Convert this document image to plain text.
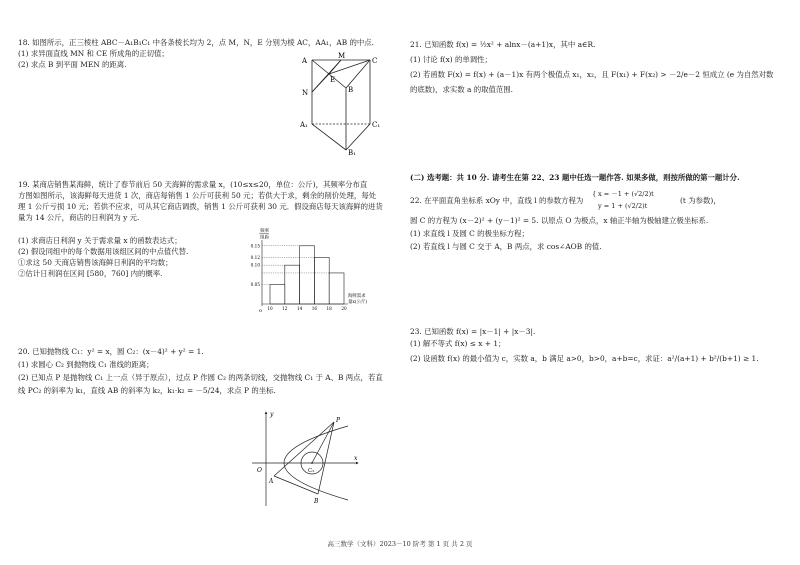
18. 如图所示，正三棱柱 ABC－A₁B₁C₁ 中各条棱长均为 2，点 M，N，E 分别为棱 AC，AA₁，AB 的中点.
(1) 求异面直线 MN 和 CE 所成角的正切值；
(2) 求点 B 到平面 MEN 的距离.	A
M
C
E
N	B
A₁	C₁
B₁
19. 某商店销售某海鲜，统计了春节前后 50 天海鲜的需求量 x，(10≤x≤20，单位：公斤)，其频率分布直
方图如图所示，该海鲜每天进货 1 次，商店每销售 1 公斤可获利 50 元；若供大于求，剩余的削价处理，每处
理 1 公斤亏损 10 元；若供不应求，可从其它商店调拨，销售 1 公斤可获利 30 元．假设商店每天该海鲜的进货
量为 14 公斤，商店的日利润为 y 元.
(1) 求商店日利润 y 关于需求量 x 的函数表达式；
(2) 假设同组中的每个数据用该组区间的中点值代替.
①求这 50 天商店销售该海鲜日利润的平均数；
②估计日利润在区间 [580，760] 内的概率.
0.05
0.10
0.12
0.15
10 12 14 16 18 20
频率
组距
海鲜需求
量x(公斤)
o
20. 已知抛物线 C₁：y² = x，圆 C₂：(x－4)² + y² = 1.
(1) 求圆心 C₂ 到抛物线 C₁ 准线的距离；
(2) 已知点 P 是抛物线 C₁ 上一点（异于原点），过点 P 作圆 C₂ 的两条切线，交抛物线 C₁ 于 A、B 两点，若直
线 PC₂ 的斜率为 k₁，直线 AB 的斜率为 k₂，k₁·k₂ = －5/24，求点 P 的坐标.
y
x
O
P
C₂
A
B
21. 已知函数 f(x) = ½x² + alnx－(a+1)x，其中 a∈R.
(1) 讨论 f(x) 的单调性；
(2) 若函数 F(x) = f(x) + (a－1)x 有两个极值点 x₁，x₂，且 F(x₁) + F(x₂) > －2/e－2 恒成立 (e 为自然对数
的底数)，求实数 a 的取值范围.
(二) 选考题：共 10 分. 请考生在第 22、23 题中任选一题作答. 如果多做，则按所做的第一题计分.
22. 在平面直角坐标系 xOy 中，直线 l 的参数方程为
{ x = －1 + (√2/2)t
y = 1 + (√2/2)t
(t 为参数)，
圆 C 的方程为 (x－2)² + (y－1)² = 5. 以原点 O 为极点，x 轴正半轴为极轴建立极坐标系.
(1) 求直线 l 及圆 C 的极坐标方程；
(2) 若直线 l 与圆 C 交于 A，B 两点，求 cos∠AOB 的值.
23. 已知函数 f(x) = |x－1| + |x－3|.
(1) 解不等式 f(x) ≤ x + 1；
(2) 设函数 f(x) 的最小值为 c，实数 a，b 满足 a>0，b>0，a+b=c，求证：a²/(a+1) + b²/(b+1) ≥ 1.
高三数学（文科）2023－10 阶考 第 1 页 共 2 页
